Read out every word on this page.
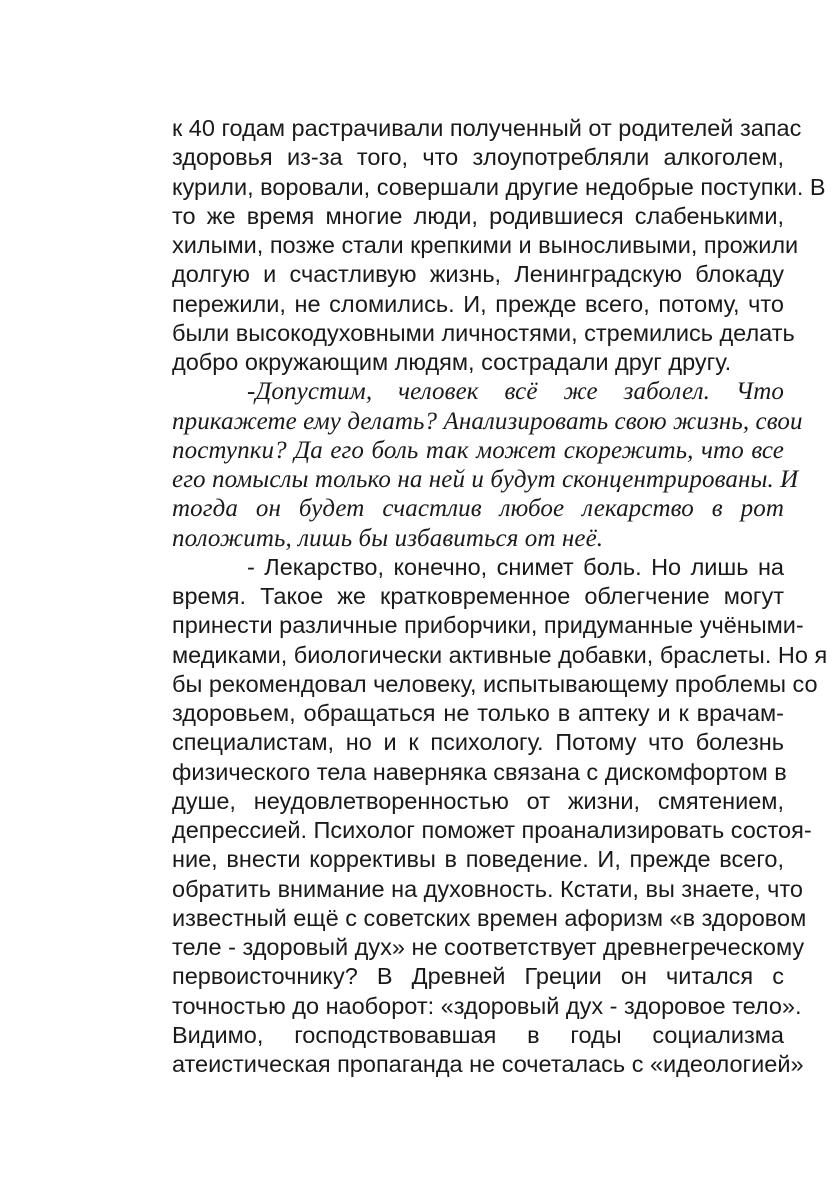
к 40 годам растрачивали полученный от родителей запас
здоровья из-за того, что злоупотребляли алкоголем,
курили, воровали, совершали другие недобрые поступки. В
то же время многие люди, родившиеся слабенькими,
хилыми, позже стали крепкими и выносливыми, прожили
долгую и счастливую жизнь, Ленинградскую блокаду
пережили, не сломились. И, прежде всего, потому, что
были высокодуховными личностями, стремились делать
добро окружающим людям, сострадали друг другу.
-Допустим, человек всё же заболел. Что
прикажете ему делать? Анализировать свою жизнь, свои
поступки? Да его боль так может скорежить, что все
его помыслы только на ней и будут сконцентрированы. И
тогда он будет счастлив любое лекарство в рот
положить, лишь бы избавиться от неё.
- Лекарство, конечно, снимет боль. Но лишь на
время. Такое же кратковременное облегчение могут
принести различные приборчики, придуманные учёными-
медиками, биологически активные добавки, браслеты. Но я
бы рекомендовал человеку, испытывающему проблемы со
здоровьем, обращаться не только в аптеку и к врачам-
специалистам, но и к психологу. Потому что болезнь
физического тела наверняка связана с дискомфортом в
душе, неудовлетворенностью от жизни, смятением,
депрессией. Психолог поможет проанализировать состоя-
ние, внести коррективы в поведение. И, прежде всего,
обратить внимание на духовность. Кстати, вы знаете, что
известный ещё с советских времен афоризм «в здоровом
теле - здоровый дух» не соответствует древнегреческому
первоисточнику? В Древней Греции он читался с
точностью до наоборот: «здоровый дух - здоровое тело».
Видимо, господствовавшая в годы социализма
атеистическая пропаганда не сочеталась с «идеологией»
